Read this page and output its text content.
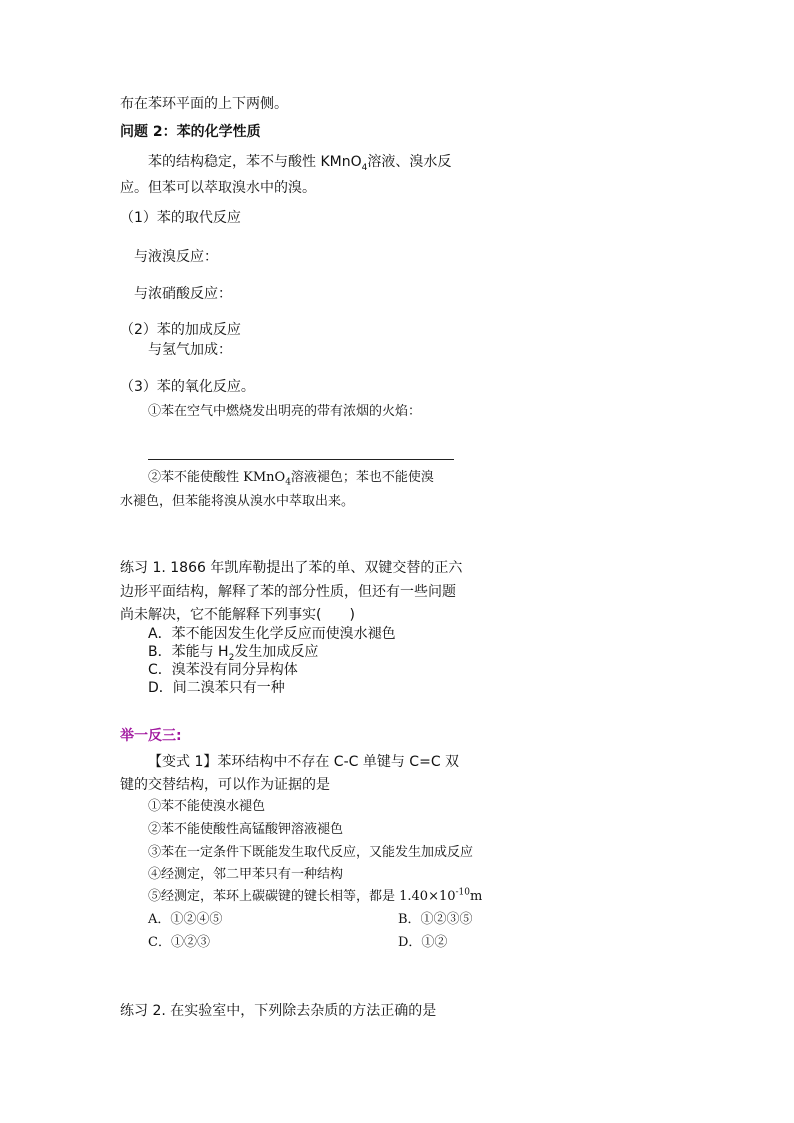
布在苯环平面的上下两侧。
问题 2：苯的化学性质
苯的结构稳定，苯不与酸性 KMnO$_4$溶液、溴水反
应。但苯可以萃取溴水中的溴。
（1）苯的取代反应
与液溴反应：
与浓硝酸反应：
（2）苯的加成反应
与氢气加成：
（3）苯的氧化反应。
①苯在空气中燃烧发出明亮的带有浓烟的火焰：
②苯不能使酸性 KMnO$_4$溶液褪色；苯也不能使溴
水褪色，但苯能将溴从溴水中萃取出来。
练习 1. 1866 年凯库勒提出了苯的单、双键交替的正六
边形平面结构，解释了苯的部分性质，但还有一些问题
尚未解决，它不能解释下列事实(　　)
A．苯不能因发生化学反应而使溴水褪色
B．苯能与 $H_2$发生加成反应
C．溴苯没有同分异构体
D．间二溴苯只有一种
举一反三:
【变式 1】苯环结构中不存在 C-C 单键与 C=C 双
键的交替结构，可以作为证据的是
①苯不能使溴水褪色
②苯不能使酸性高锰酸钾溶液褪色
③苯在一定条件下既能发生取代反应，又能发生加成反应
④经测定，邻二甲苯只有一种结构
⑤经测定，苯环上碳碳键的键长相等，都是 $1.40\times 10^{-10}m$
A．①②④⑤	B．①②③⑤
C．①②③	D．①②
练习 2. 在实验室中，下列除去杂质的方法正确的是
